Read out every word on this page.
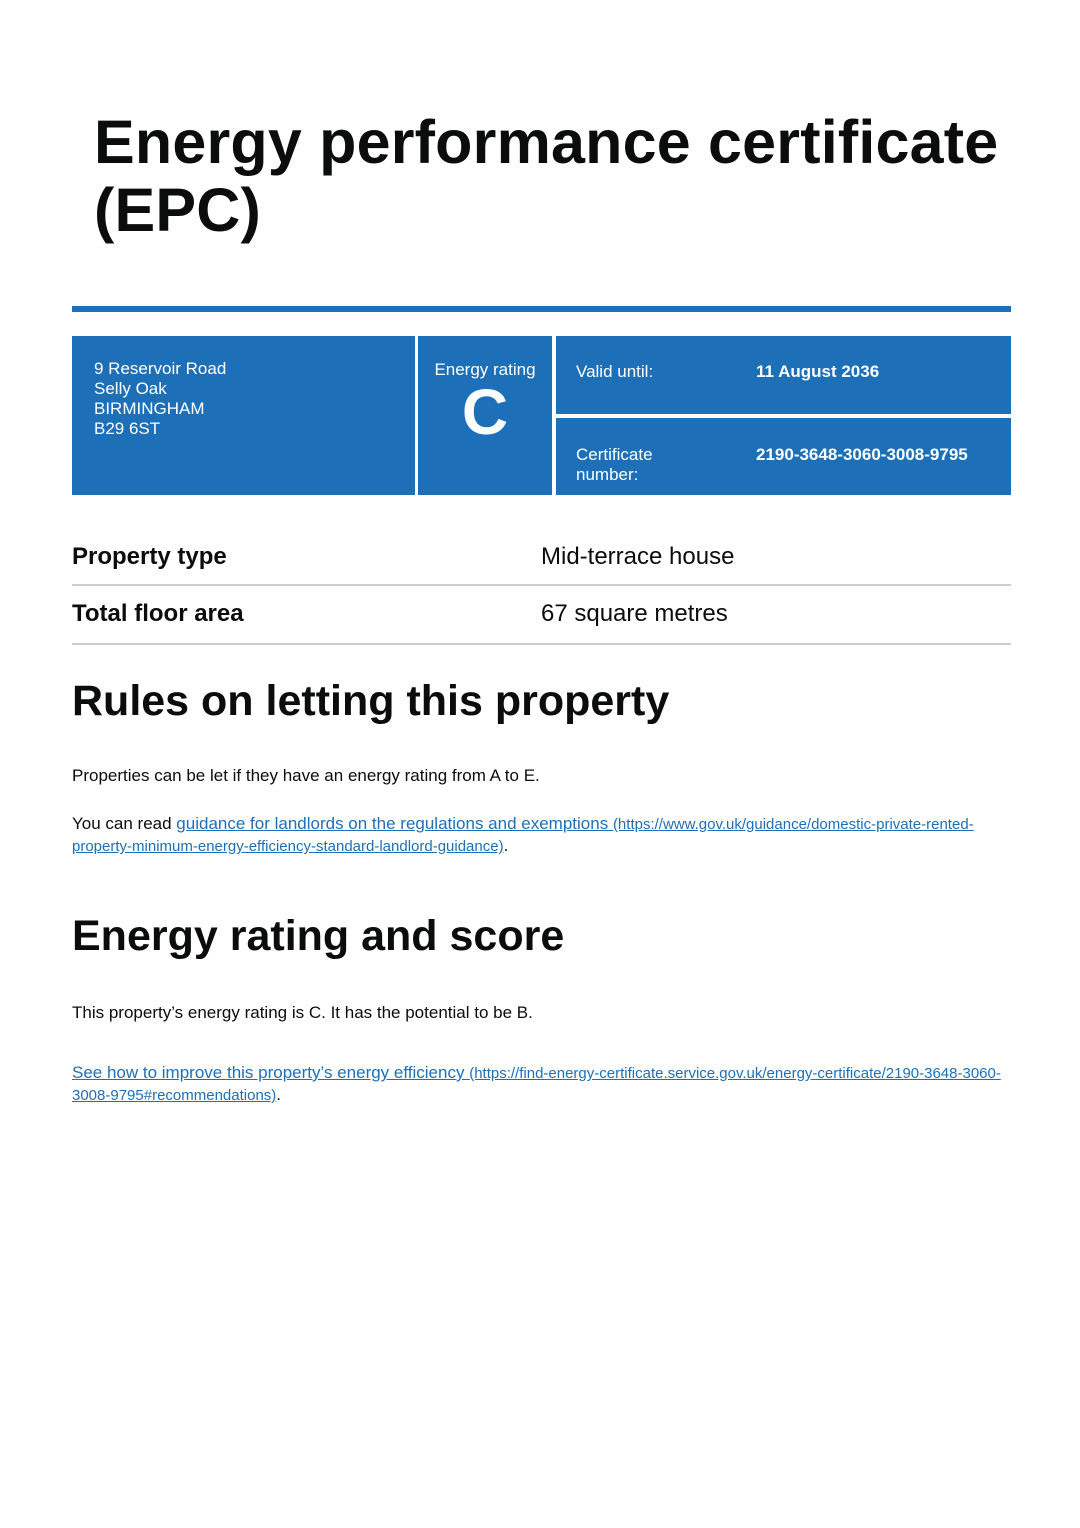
Energy performance certificate (EPC)
9 Reservoir Road
Selly Oak
BIRMINGHAM
B29 6ST
Energy rating
C
Valid until:	11 August 2036
Certificate
number:
2190-3648-3060-3008-9795
Property type	Mid-terrace house
Total floor area	67 square metres
Rules on letting this property

Properties can be let if they have an energy rating from A to E.

You can read guidance for landlords on the regulations and exemptions (https://www.gov.uk/guidance/domestic-private-rented-property-minimum-energy-efficiency-standard-landlord-guidance).

Energy rating and score

This property’s energy rating is C. It has the potential to be B.

See how to improve this property’s energy efficiency (https://find-energy-certificate.service.gov.uk/energy-certificate/2190-3648-3060-3008-9795#recommendations).
